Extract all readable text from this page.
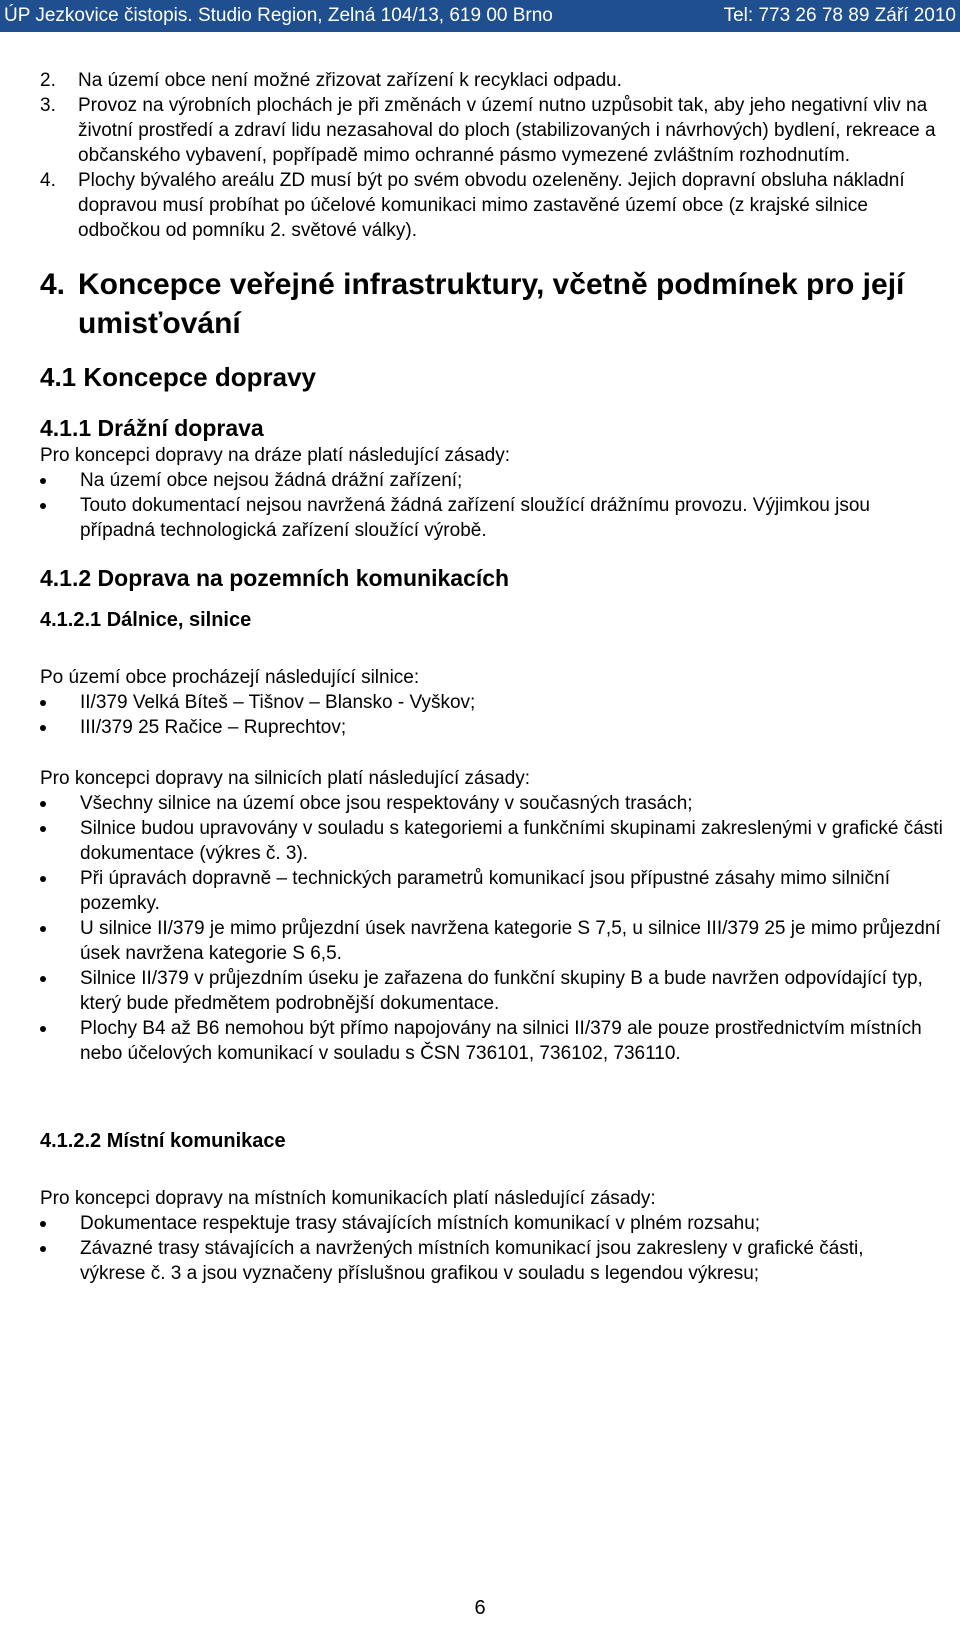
ÚP Jezkovice čistopis. Studio Region, Zelná 104/13, 619 00 Brno	Tel: 773 26 78 89 Září 2010
2. Na území obce není možné zřizovat zařízení k recyklaci odpadu.
3. Provoz na výrobních plochách je při změnách v území nutno uzpůsobit tak, aby jeho negativní vliv na životní prostředí a zdraví lidu nezasahoval do ploch (stabilizovaných i návrhových) bydlení, rekreace a občanského vybavení, popřípadě mimo ochranné pásmo vymezené zvláštním rozhodnutím.
4. Plochy bývalého areálu ZD musí být po svém obvodu ozeleněny. Jejich dopravní obsluha nákladní dopravou musí probíhat po účelové komunikaci mimo zastavěné území obce (z krajské silnice odbočkou od pomníku 2. světové války).
4. Koncepce veřejné infrastruktury, včetně podmínek pro její umisťování
4.1 Koncepce dopravy
4.1.1 Drážní doprava

Pro koncepci dopravy na dráze platí následující zásady:

Na území obce nejsou žádná drážní zařízení;
Touto dokumentací nejsou navržená žádná zařízení sloužící drážnímu provozu. Výjimkou jsou případná technologická zařízení sloužící výrobě.
4.1.2 Doprava na pozemních komunikacích
4.1.2.1 Dálnice, silnice

Po území obce procházejí následující silnice:

II/379 Velká Bíteš – Tišnov – Blansko - Vyškov;
III/379 25 Račice – Ruprechtov;

Pro koncepci dopravy na silnicích platí následující zásady:

Všechny silnice na území obce jsou respektovány v současných trasách;
Silnice budou upravovány v souladu s kategoriemi a funkčními skupinami zakreslenými v grafické části dokumentace (výkres č. 3).
Při úpravách dopravně – technických parametrů komunikací jsou přípustné zásahy mimo silniční pozemky.
U silnice II/379 je mimo průjezdní úsek navržena kategorie S 7,5, u silnice III/379 25 je mimo průjezdní úsek navržena kategorie S 6,5.
Silnice II/379 v průjezdním úseku je zařazena do funkční skupiny B a bude navržen odpovídající typ, který bude předmětem podrobnější dokumentace.
Plochy B4 až B6 nemohou být přímo napojovány na silnici II/379 ale pouze prostřednictvím místních nebo účelových komunikací v souladu s ČSN 736101, 736102, 736110.
4.1.2.2 Místní komunikace

Pro koncepci dopravy na místních komunikacích platí následující zásady:

Dokumentace respektuje trasy stávajících místních komunikací v plném rozsahu;
Závazné trasy stávajících a navržených místních komunikací jsou zakresleny v grafické části, výkrese č. 3 a jsou vyznačeny příslušnou grafikou v souladu s legendou výkresu;
6
